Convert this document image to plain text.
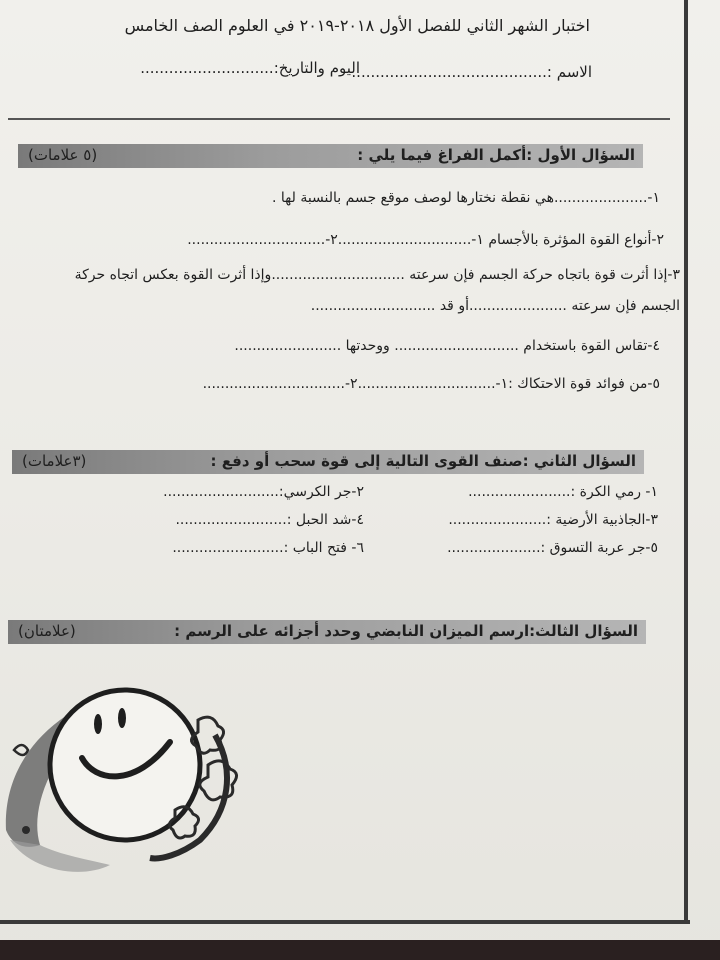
اختبار الشهر الثاني للفصل الأول ٢٠١٨-٢٠١٩ في العلوم الصف الخامس
الاسم :.........................................
اليوم والتاريخ:............................
السؤال الأول :أكمل الفراغ فيما يلي :
(٥ علامات)
١-.....................هي نقطة نختارها لوصف موقع جسم بالنسبة لها .
٢-أنواع القوة المؤثرة بالأجسام ١-..............................٢-...............................
٣-إذا أثرت قوة باتجاه حركة الجسم فإن سرعته ..............................وإذا أثرت القوة بعكس اتجاه حركة
الجسم فإن سرعته ......................أو قد ............................
٤-تقاس القوة باستخدام ............................ ووحدتها ........................
٥-من فوائد قوة الاحتكاك :١-...............................٢-................................
السؤال الثاني :صنف القوى التالية إلى قوة سحب أو دفع :
(٣علامات)
١- رمي الكرة :.......................
٢-جر الكرسي:..........................
٣-الجاذبية الأرضية :......................
٤-شد الحبل :.........................
٥-جر عربة التسوق :.....................
٦- فتح الباب :.........................
السؤال الثالث:ارسم الميزان النابضي وحدد أجزائه على الرسم :
(علامتان)
